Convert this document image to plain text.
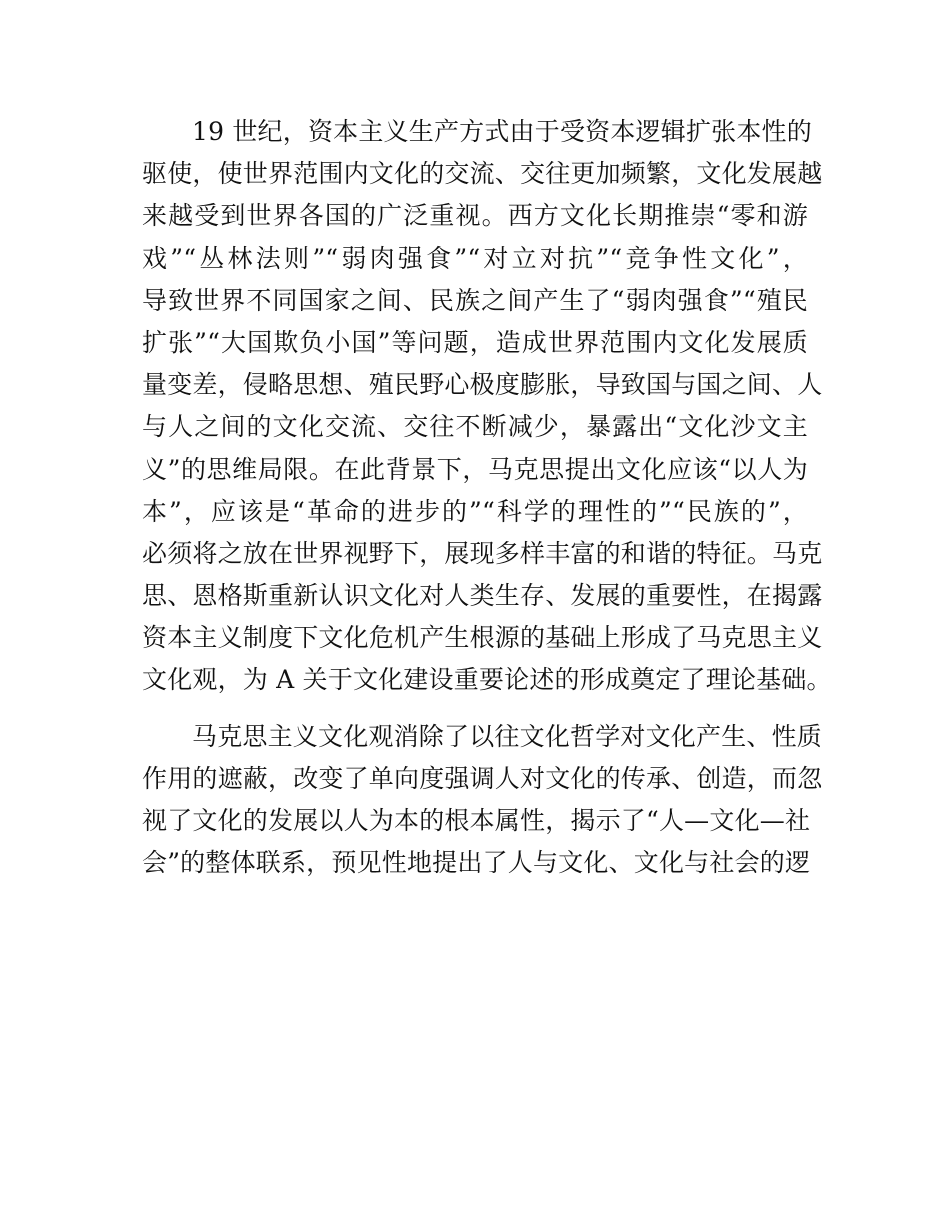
19 世纪，资本主义生产方式由于受资本逻辑扩张本性的
驱使，使世界范围内文化的交流、交往更加频繁，文化发展越
来越受到世界各国的广泛重视。西方文化长期推崇“零和游
戏”“丛林法则”“弱肉强食”“对立对抗”“竞争性文化”，
导致世界不同国家之间、民族之间产生了“弱肉强食”“殖民
扩张”“大国欺负小国”等问题，造成世界范围内文化发展质
量变差，侵略思想、殖民野心极度膨胀，导致国与国之间、人
与人之间的文化交流、交往不断减少，暴露出“文化沙文主
义”的思维局限。在此背景下，马克思提出文化应该“以人为
本”，应该是“革命的进步的”“科学的理性的”“民族的”，
必须将之放在世界视野下，展现多样丰富的和谐的特征。马克
思、恩格斯重新认识文化对人类生存、发展的重要性，在揭露
资本主义制度下文化危机产生根源的基础上形成了马克思主义
文化观，为 A 关于文化建设重要论述的形成奠定了理论基础。
马克思主义文化观消除了以往文化哲学对文化产生、性质
作用的遮蔽，改变了单向度强调人对文化的传承、创造，而忽
视了文化的发展以人为本的根本属性，揭示了“人—文化—社
会”的整体联系，预见性地提出了人与文化、文化与社会的逻
